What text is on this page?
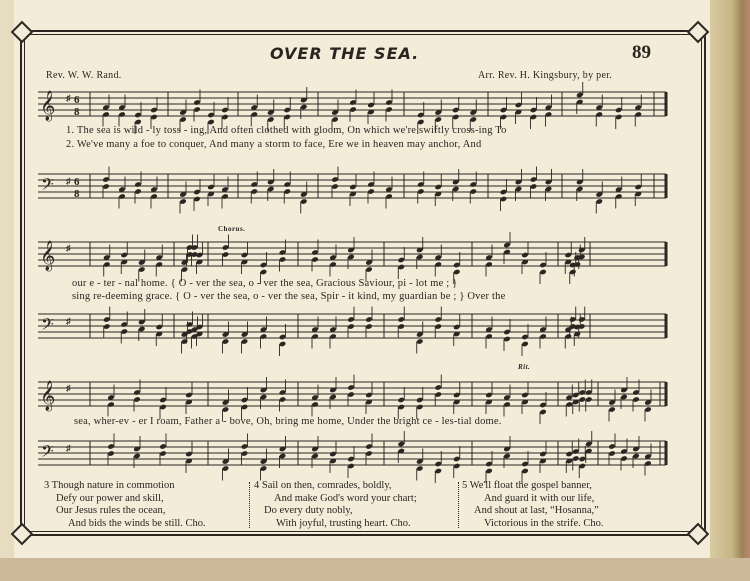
OVER THE SEA.	89
Rev. W. W. Rand.	Arr. Rev. H. Kingsbury, by per.
𝄞 ♯ 6
8
1. The sea is wild - ly toss - ing, And often clothed with gloom, On which we're swiftly cross-ing To
2. We've many a foe to conquer, And many a storm to face, Ere we in heaven may anchor, And
𝄢 ♯ 6
8
Chorus.
𝄞 ♯
our e - ter - nal home. { O - ver the sea, o - ver the sea, Gracious Saviour, pi - lot me ; }
sing re-deeming grace. { O - ver the sea, o - ver the sea, Spir - it kind, my guardian be ; } Over the
𝄢 ♯
Rit.
𝄞 ♯
sea, wher-ev - er I roam, Father a - bove, Oh, bring me home, Under the bright ce - les-tial dome.
𝄢 ♯
3 Though nature in commotion
Defy our power and skill,
Our Jesus rules the ocean,
And bids the winds be still. Cho.
4 Sail on then, comrades, boldly,
And make God's word your chart;
Do every duty nobly,
With joyful, trusting heart. Cho.
5 We'll float the gospel banner,
And guard it with our life,
And shout at last, “Hosanna,”
Victorious in the strife. Cho.
